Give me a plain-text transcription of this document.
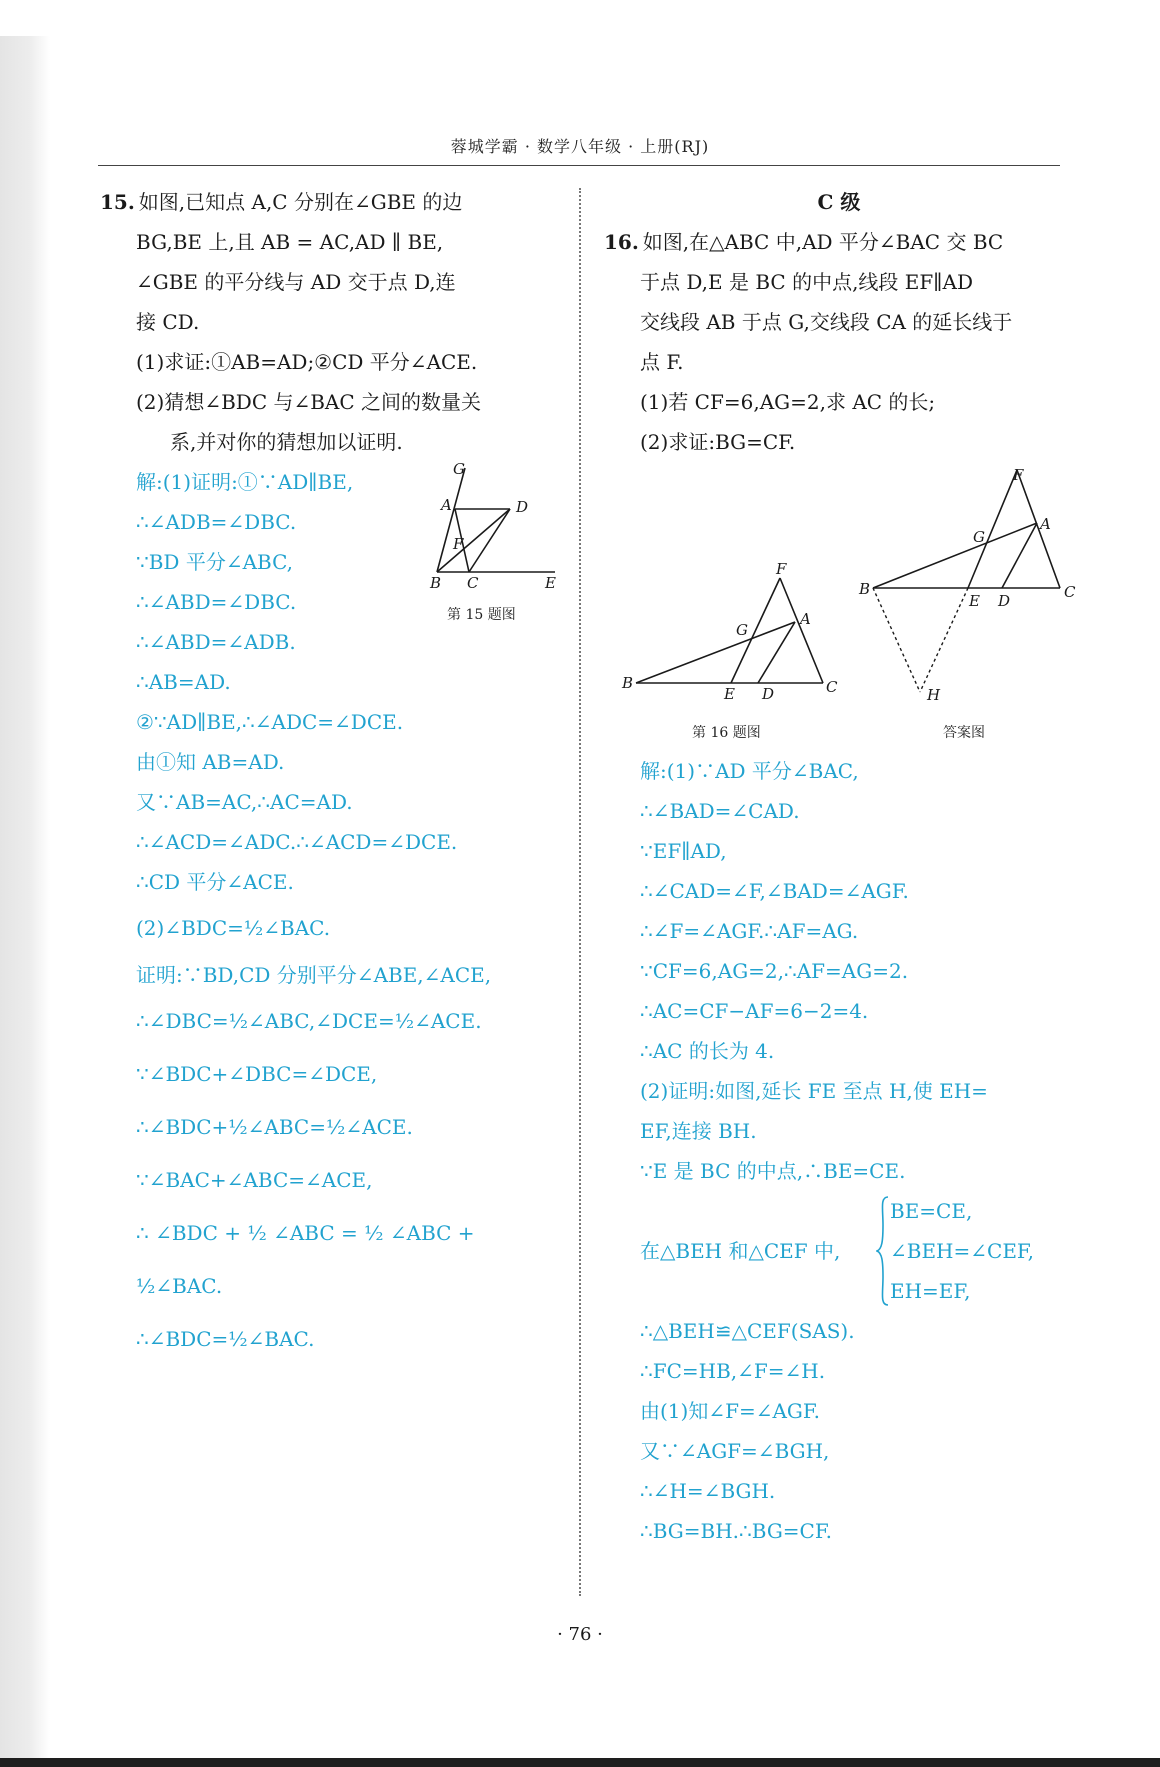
蓉城学霸 · 数学八年级 · 上册(RJ)
15. 如图,已知点 A,C 分别在∠GBE 的边
BG,BE 上,且 AB = AC,AD ∥ BE,
∠GBE 的平分线与 AD 交于点 D,连
接 CD.
(1)求证:①AB=AD;②CD 平分∠ACE.
(2)猜想∠BDC 与∠BAC 之间的数量关
系,并对你的猜想加以证明.
解:(1)证明:①∵AD∥BE,
∴∠ADB=∠DBC.
∵BD 平分∠ABC,
∴∠ABD=∠DBC.
∴∠ABD=∠ADB.
∴AB=AD.
②∵AD∥BE,∴∠ADC=∠DCE.
由①知 AB=AD.
又∵AB=AC,∴AC=AD.
∴∠ACD=∠ADC.∴∠ACD=∠DCE.
∴CD 平分∠ACE.
(2)∠BDC=½∠BAC.
证明:∵BD,CD 分别平分∠ABE,∠ACE,
∴∠DBC=½∠ABC,∠DCE=½∠ACE.
∵∠BDC+∠DBC=∠DCE,
∴∠BDC+½∠ABC=½∠ACE.
∵∠BAC+∠ABC=∠ACE,
∴ ∠BDC + ½ ∠ABC = ½ ∠ABC +
½∠BAC.
∴∠BDC=½∠BAC.
G
A	D
F
B C	E
第 15 题图
C 级
16. 如图,在△ABC 中,AD 平分∠BAC 交 BC
于点 D,E 是 BC 的中点,线段 EF∥AD
交线段 AB 于点 G,交线段 CA 的延长线于
点 F.
(1)若 CF=6,AG=2,求 AC 的长;
(2)求证:BG=CF.
F
G
A
B
E D	C
第 16 题图
F
G
A
B
E D	C
H
答案图
解:(1)∵AD 平分∠BAC,
∴∠BAD=∠CAD.
∵EF∥AD,
∴∠CAD=∠F,∠BAD=∠AGF.
∴∠F=∠AGF.∴AF=AG.
∵CF=6,AG=2,∴AF=AG=2.
∴AC=CF−AF=6−2=4.
∴AC 的长为 4.
(2)证明:如图,延长 FE 至点 H,使 EH=
EF,连接 BH.
∵E 是 BC 的中点,∴BE=CE.
在△BEH 和△CEF 中,
BE=CE,
∠BEH=∠CEF,
EH=EF,
∴△BEH≌△CEF(SAS).
∴FC=HB,∠F=∠H.
由(1)知∠F=∠AGF.
又∵∠AGF=∠BGH,
∴∠H=∠BGH.
∴BG=BH.∴BG=CF.
· 76 ·
